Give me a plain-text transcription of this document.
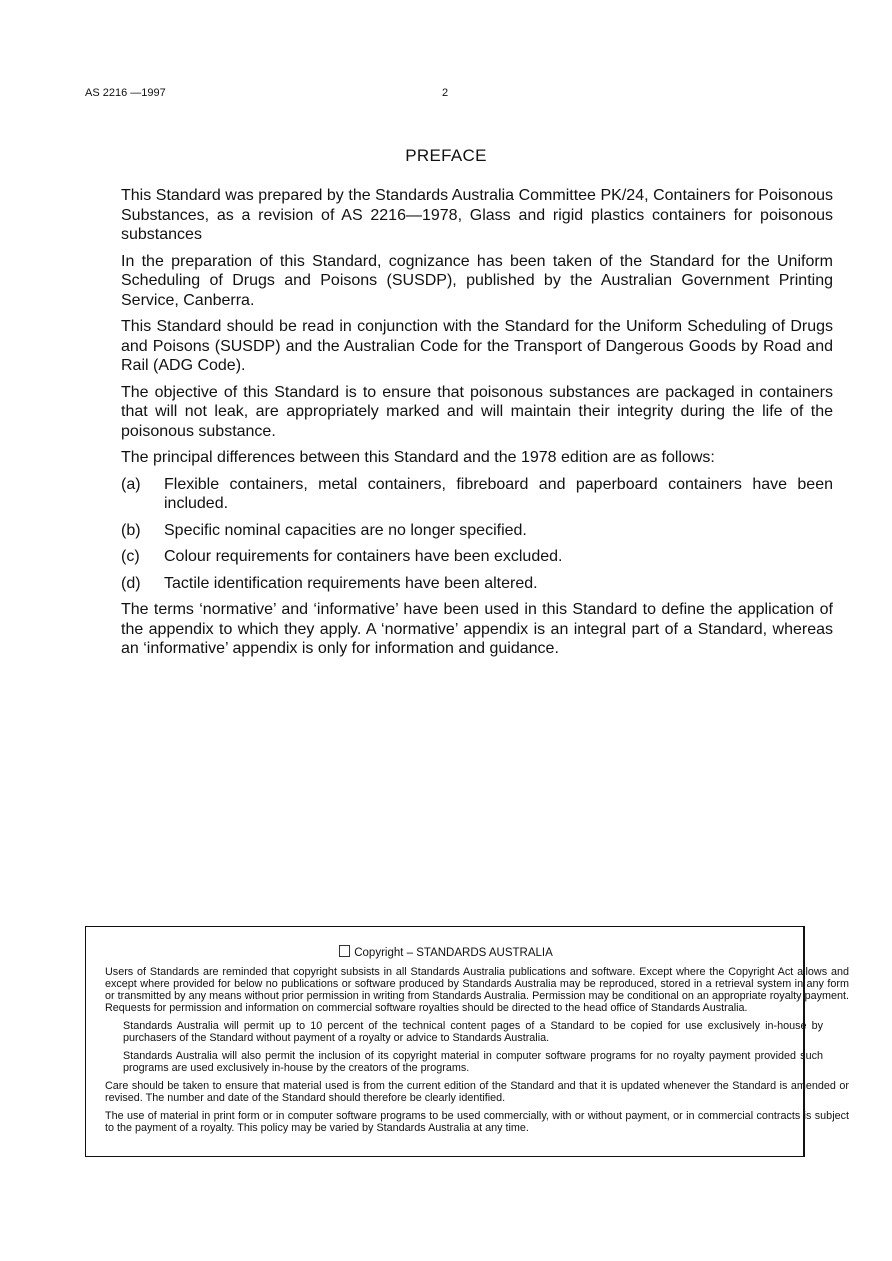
AS 2216 —1997	2
PREFACE

This Standard was prepared by the Standards Australia Committee PK/24, Containers for Poisonous Substances, as a revision of AS 2216—1978, Glass and rigid plastics containers for poisonous substances

In the preparation of this Standard, cognizance has been taken of the Standard for the Uniform Scheduling of Drugs and Poisons (SUSDP), published by the Australian Government Printing Service, Canberra.

This Standard should be read in conjunction with the Standard for the Uniform Scheduling of Drugs and Poisons (SUSDP) and the Australian Code for the Transport of Dangerous Goods by Road and Rail (ADG Code).

The objective of this Standard is to ensure that poisonous substances are packaged in containers that will not leak, are appropriately marked and will maintain their integrity during the life of the poisonous substance.

The principal differences between this Standard and the 1978 edition are as follows:

(a) Flexible containers, metal containers, fibreboard and paperboard containers have been included.
(b) Specific nominal capacities are no longer specified.
(c) Colour requirements for containers have been excluded.
(d) Tactile identification requirements have been altered.

The terms ‘normative’ and ‘informative’ have been used in this Standard to define the application of the appendix to which they apply. A ‘normative’ appendix is an integral part of a Standard, whereas an ‘informative’ appendix is only for information and guidance.

Copyright – STANDARDS AUSTRALIA

Users of Standards are reminded that copyright subsists in all Standards Australia publications and software. Except where the Copyright Act allows and except where provided for below no publications or software produced by Standards Australia may be reproduced, stored in a retrieval system in any form or transmitted by any means without prior permission in writing from Standards Australia. Permission may be conditional on an appropriate royalty payment. Requests for permission and information on commercial software royalties should be directed to the head office of Standards Australia.

Standards Australia will permit up to 10 percent of the technical content pages of a Standard to be copied for use exclusively in-house by purchasers of the Standard without payment of a royalty or advice to Standards Australia.

Standards Australia will also permit the inclusion of its copyright material in computer software programs for no royalty payment provided such programs are used exclusively in-house by the creators of the programs.

Care should be taken to ensure that material used is from the current edition of the Standard and that it is updated whenever the Standard is amended or revised. The number and date of the Standard should therefore be clearly identified.

The use of material in print form or in computer software programs to be used commercially, with or without payment, or in commercial contracts is subject to the payment of a royalty. This policy may be varied by Standards Australia at any time.
